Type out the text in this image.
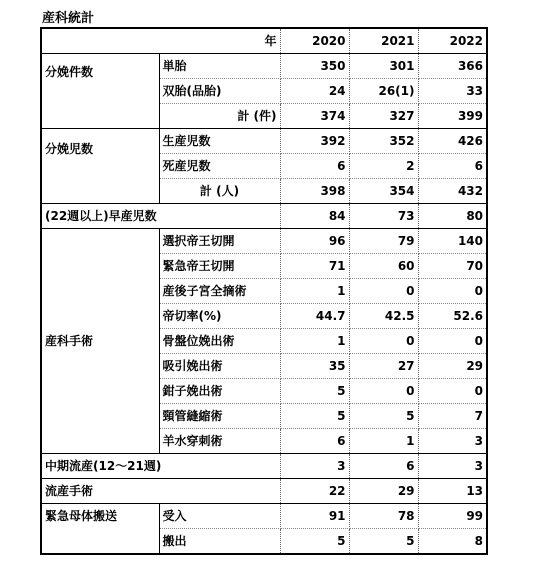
産科統計
年		2020	2021	2022
分娩件数	単胎	350	301	366
	双胎(品胎)	24	26(1)	33
	計 (件)	374	327	399
分娩児数	生産児数	392	352	426
	死産児数	6	2	6
	計 (人)	398	354	432
(22週以上)早産児数		84	73	80
産科手術	選択帝王切開	96	79	140
	緊急帝王切開	71	60	70
	産後子宮全摘術	1	0	0
	帝切率(%)	44.7	42.5	52.6
	骨盤位娩出術	1	0	0
	吸引娩出術	35	27	29
	鉗子娩出術	5	0	0
	頸管縫縮術	5	5	7
	羊水穿刺術	6	1	3
中期流産(12～21週)		3	6	3
流産手術		22	29	13
緊急母体搬送	受入	91	78	99
	搬出	5	5	8
